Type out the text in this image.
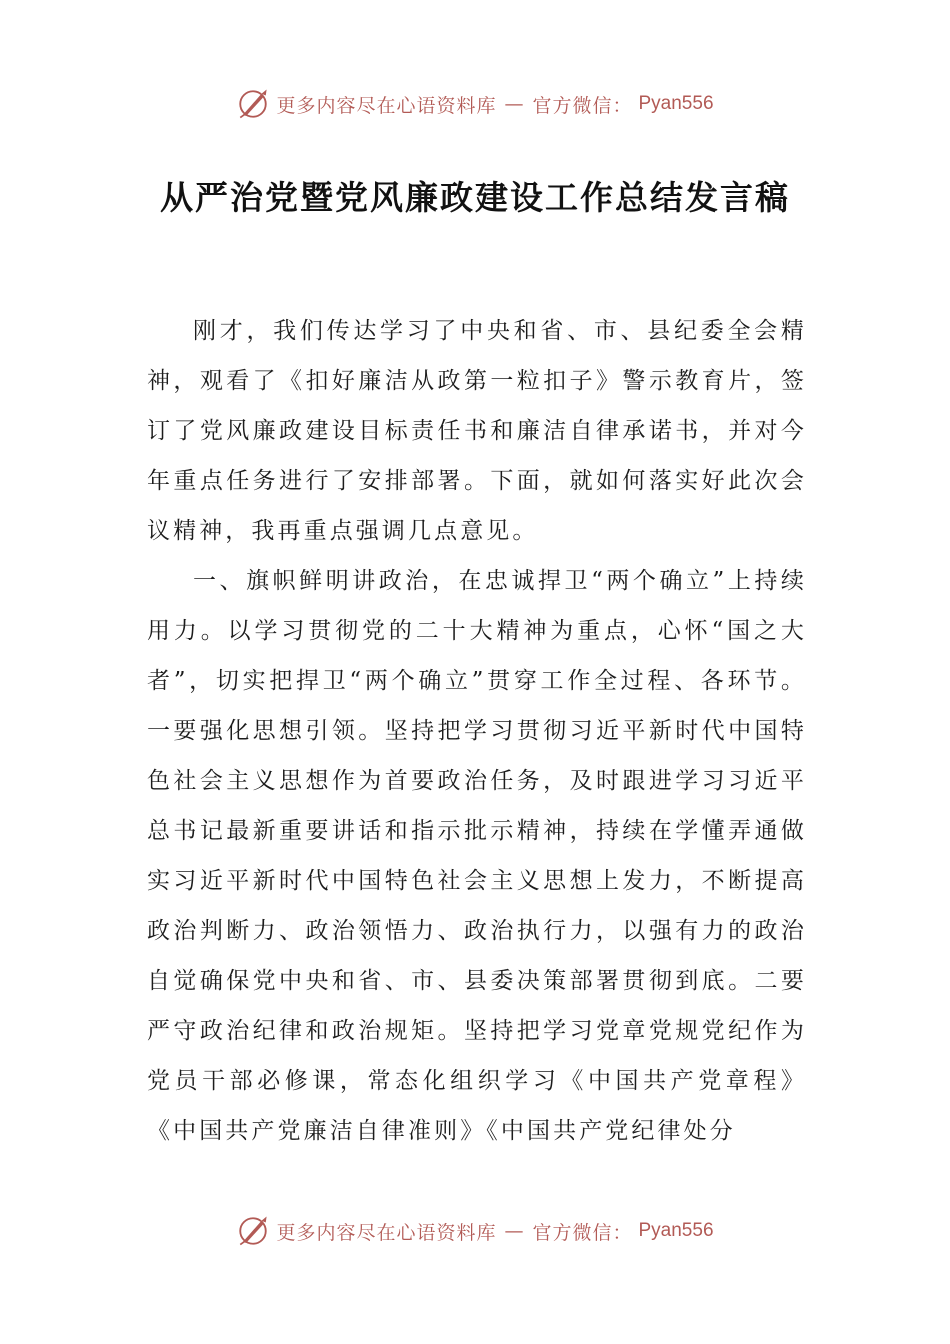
更多内容尽在心语资料库 — 官方微信： Pyan556
从严治党暨党风廉政建设工作总结发言稿

刚才，我们传达学习了中央和省、市、县纪委全会精神，观看了《扣好廉洁从政第一粒扣子》警示教育片，签订了党风廉政建设目标责任书和廉洁自律承诺书，并对今年重点任务进行了安排部署。下面，就如何落实好此次会议精神，我再重点强调几点意见。

一、旗帜鲜明讲政治，在忠诚捍卫“两个确立”上持续用力。以学习贯彻党的二十大精神为重点，心怀“国之大者”，切实把捍卫“两个确立”贯穿工作全过程、各环节。一要强化思想引领。坚持把学习贯彻习近平新时代中国特色社会主义思想作为首要政治任务，及时跟进学习习近平总书记最新重要讲话和指示批示精神，持续在学懂弄通做实习近平新时代中国特色社会主义思想上发力，不断提高政治判断力、政治领悟力、政治执行力，以强有力的政治自觉确保党中央和省、市、县委决策部署贯彻到底。二要严守政治纪律和政治规矩。坚持把学习党章党规党纪作为党员干部必修课，常态化组织学习《中国共产党章程》《中国共产党廉洁自律准则》《中国共产党纪律处分

更多内容尽在心语资料库 — 官方微信： Pyan556
